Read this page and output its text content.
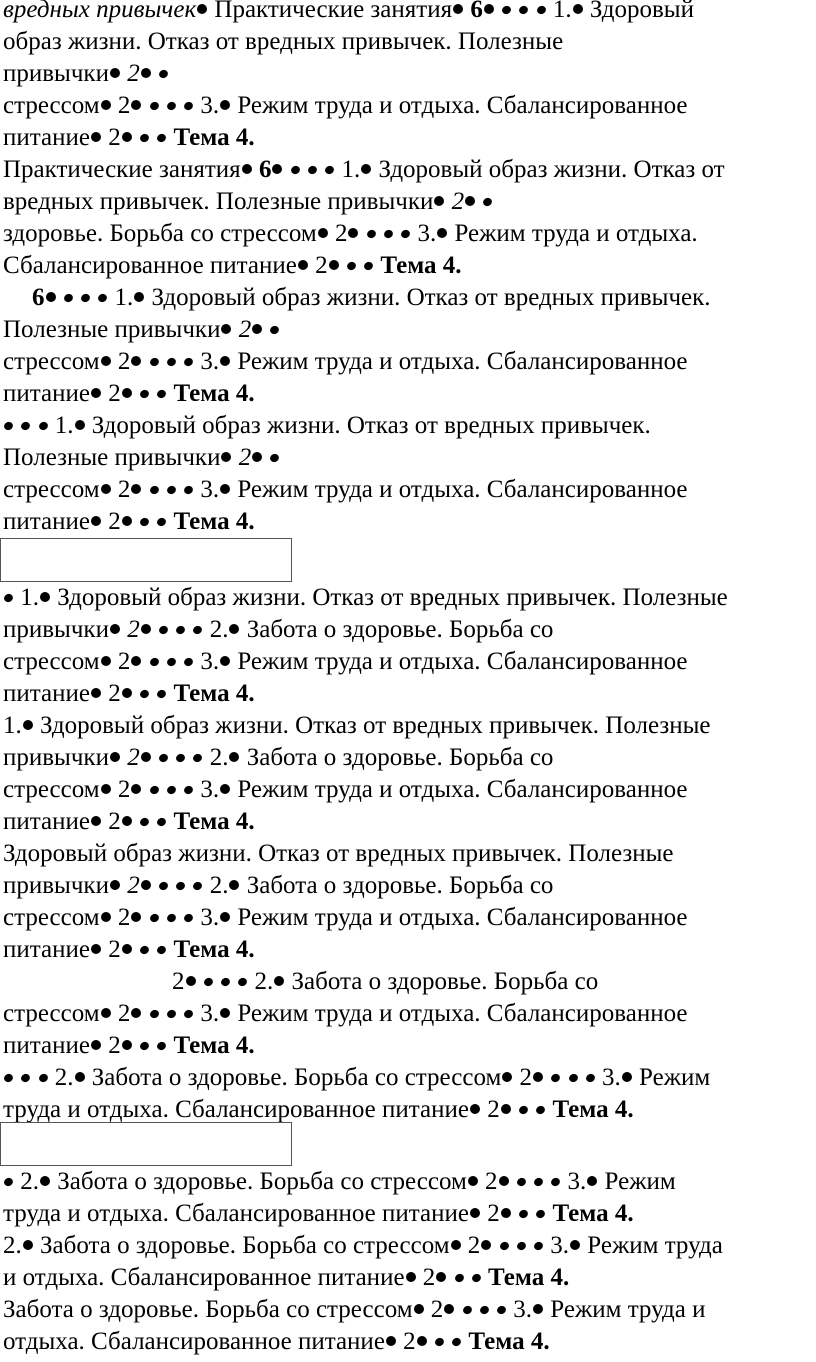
вредных привычек Практические занятия 6	1. Здоровый
образ жизни. Отказ от вредных привычек. Полезные
привычки 2
стрессом 2	3. Режим труда и отдыха. Сбалансированное
питание 2 Тема 4.
Практические занятия 6	1. Здоровый образ жизни. Отказ от
вредных привычек. Полезные привычки 2
здоровье. Борьба со стрессом 2	3. Режим труда и отдыха.
Сбалансированное питание 2 Тема 4.
6	1. Здоровый образ жизни. Отказ от вредных привычек.
Полезные привычки 2
стрессом 2	3. Режим труда и отдыха. Сбалансированное
питание 2 Тема 4.
1. Здоровый образ жизни. Отказ от вредных привычек.
Полезные привычки 2
стрессом 2	3. Режим труда и отдыха. Сбалансированное
питание 2 Тема 4.
1. Здоровый образ жизни. Отказ от вредных привычек. Полезные
привычки 2	2. Забота о здоровье. Борьба со
стрессом 2	3. Режим труда и отдыха. Сбалансированное
питание 2 Тема 4.
1. Здоровый образ жизни. Отказ от вредных привычек. Полезные
привычки 2	2. Забота о здоровье. Борьба со
стрессом 2	3. Режим труда и отдыха. Сбалансированное
питание 2 Тема 4.
Здоровый образ жизни. Отказ от вредных привычек. Полезные
привычки 2	2. Забота о здоровье. Борьба со
стрессом 2	3. Режим труда и отдыха. Сбалансированное
питание 2 Тема 4.
2	2. Забота о здоровье. Борьба со
стрессом 2	3. Режим труда и отдыха. Сбалансированное
питание 2 Тема 4.
2. Забота о здоровье. Борьба со стрессом 2	3. Режим
труда и отдыха. Сбалансированное питание 2 Тема 4.
2. Забота о здоровье. Борьба со стрессом 2	3. Режим
труда и отдыха. Сбалансированное питание 2 Тема 4.
2. Забота о здоровье. Борьба со стрессом 2	3. Режим труда
и отдыха. Сбалансированное питание 2 Тема 4.
Забота о здоровье. Борьба со стрессом 2	3. Режим труда и
отдыха. Сбалансированное питание 2 Тема 4.
